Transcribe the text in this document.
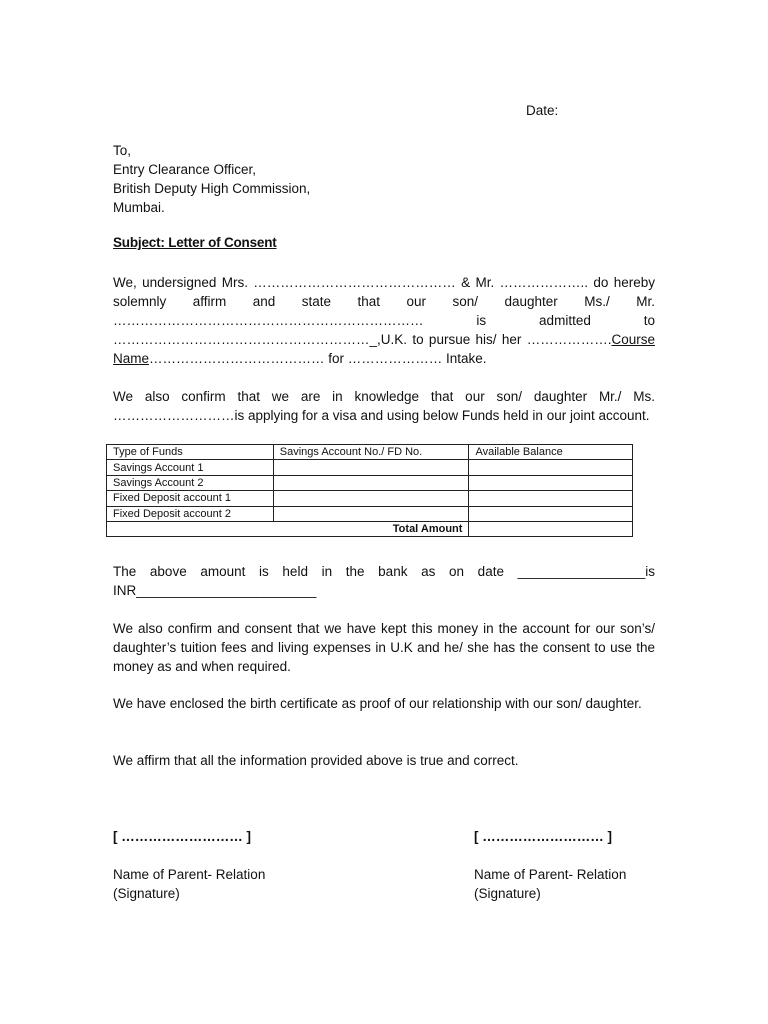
Date:
To,
Entry Clearance Officer,
British Deputy High Commission,
Mumbai.
Subject: Letter of Consent
We, undersigned Mrs. ……………………………………… & Mr. ……………….. do hereby
solemnly affirm and state that our son/ daughter Ms./ Mr.
…………………………………………………………… is admitted to
…………………………………………………_,U.K. to pursue his/ her ……………….Course
Name………………………………… for ………………… Intake.
We also confirm that we are in knowledge that our son/ daughter Mr./ Ms.
………………………is applying for a visa and using below Funds held in our joint account.
Type of Funds	Savings Account No./ FD No.	Available Balance
Savings Account 1		
Savings Account 2		
Fixed Deposit account 1		
Fixed Deposit account 2		
Total Amount		
The above amount is held in the bank as on date _________________is
INR________________________
We also confirm and consent that we have kept this money in the account for our son’s/ daughter’s tuition fees and living expenses in U.K and he/ she has the consent to use the money as and when required.
We have enclosed the birth certificate as proof of our relationship with our son/ daughter.
We affirm that all the information provided above is true and correct.
[ ……………………… ]
Name of Parent- Relation
(Signature)
[ ……………………… ]
Name of Parent- Relation
(Signature)
